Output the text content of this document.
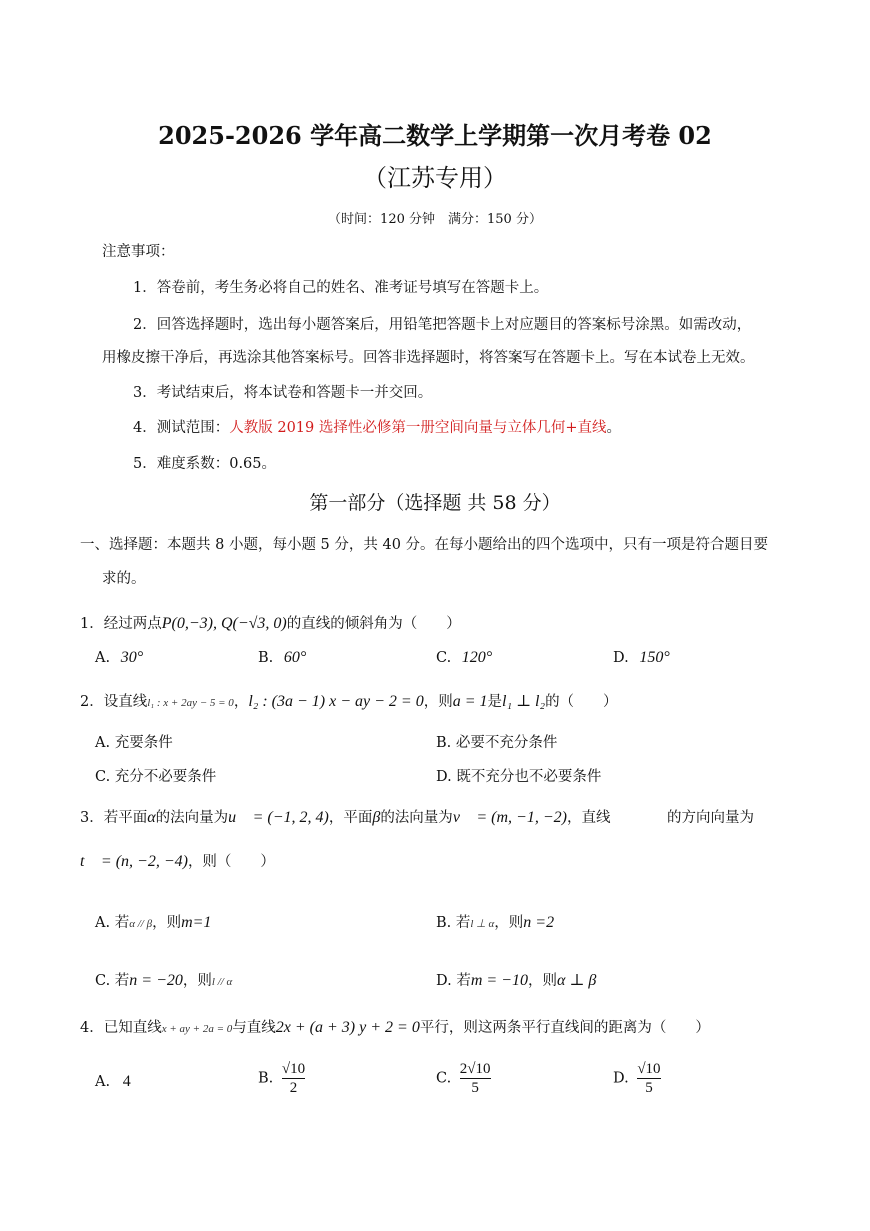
2025-2026 学年高二数学上学期第一次月考卷 02
（江苏专用）
（时间：120 分钟　满分：150 分）
注意事项：
1．答卷前，考生务必将自己的姓名、准考证号填写在答题卡上。
2．回答选择题时，选出每小题答案后，用铅笔把答题卡上对应题目的答案标号涂黑。如需改动，
用橡皮擦干净后，再选涂其他答案标号。回答非选择题时，将答案写在答题卡上。写在本试卷上无效。
3．考试结束后，将本试卷和答题卡一并交回。
4．测试范围：人教版 2019 选择性必修第一册空间向量与立体几何+直线。
5．难度系数：0.65。
第一部分（选择题 共 58 分）
一、选择题：本题共 8 小题，每小题 5 分，共 40 分。在每小题给出的四个选项中，只有一项是符合题目要
求的。
1．经过两点P(0,−3), Q(−√3, 0)的直线的倾斜角为（　　）
A. 30°	B. 60°	C. 120°	D. 150°
2．设直线l₁ : x + 2ay − 5 = 0，l₂ : (3a − 1) x − ay − 2 = 0，则a = 1是l₁ ⊥ l₂的（　　）
A. 充要条件	B. 必要不充分条件
C. 充分不必要条件	D. 既不充分也不必要条件
3．若平面α的法向量为u⃗ = (−1, 2, 4)，平面β的法向量为v⃗ = (m, −1, −2)，直线	的方向向量为
t⃗ = (n, −2, −4)，则（　　）
A. 若α // β，则m=1	B. 若l ⊥ α，则n =2
C. 若n = −20，则l // α	D. 若m = −10，则α ⊥ β
4．已知直线x + ay + 2a = 0与直线2x + (a + 3) y + 2 = 0平行，则这两条平行直线间的距离为（　　）
A. 4	B. $\frac{√10}{2}$	C. $\frac{2√10}{5}$	D. $\frac{√10}{5}$
